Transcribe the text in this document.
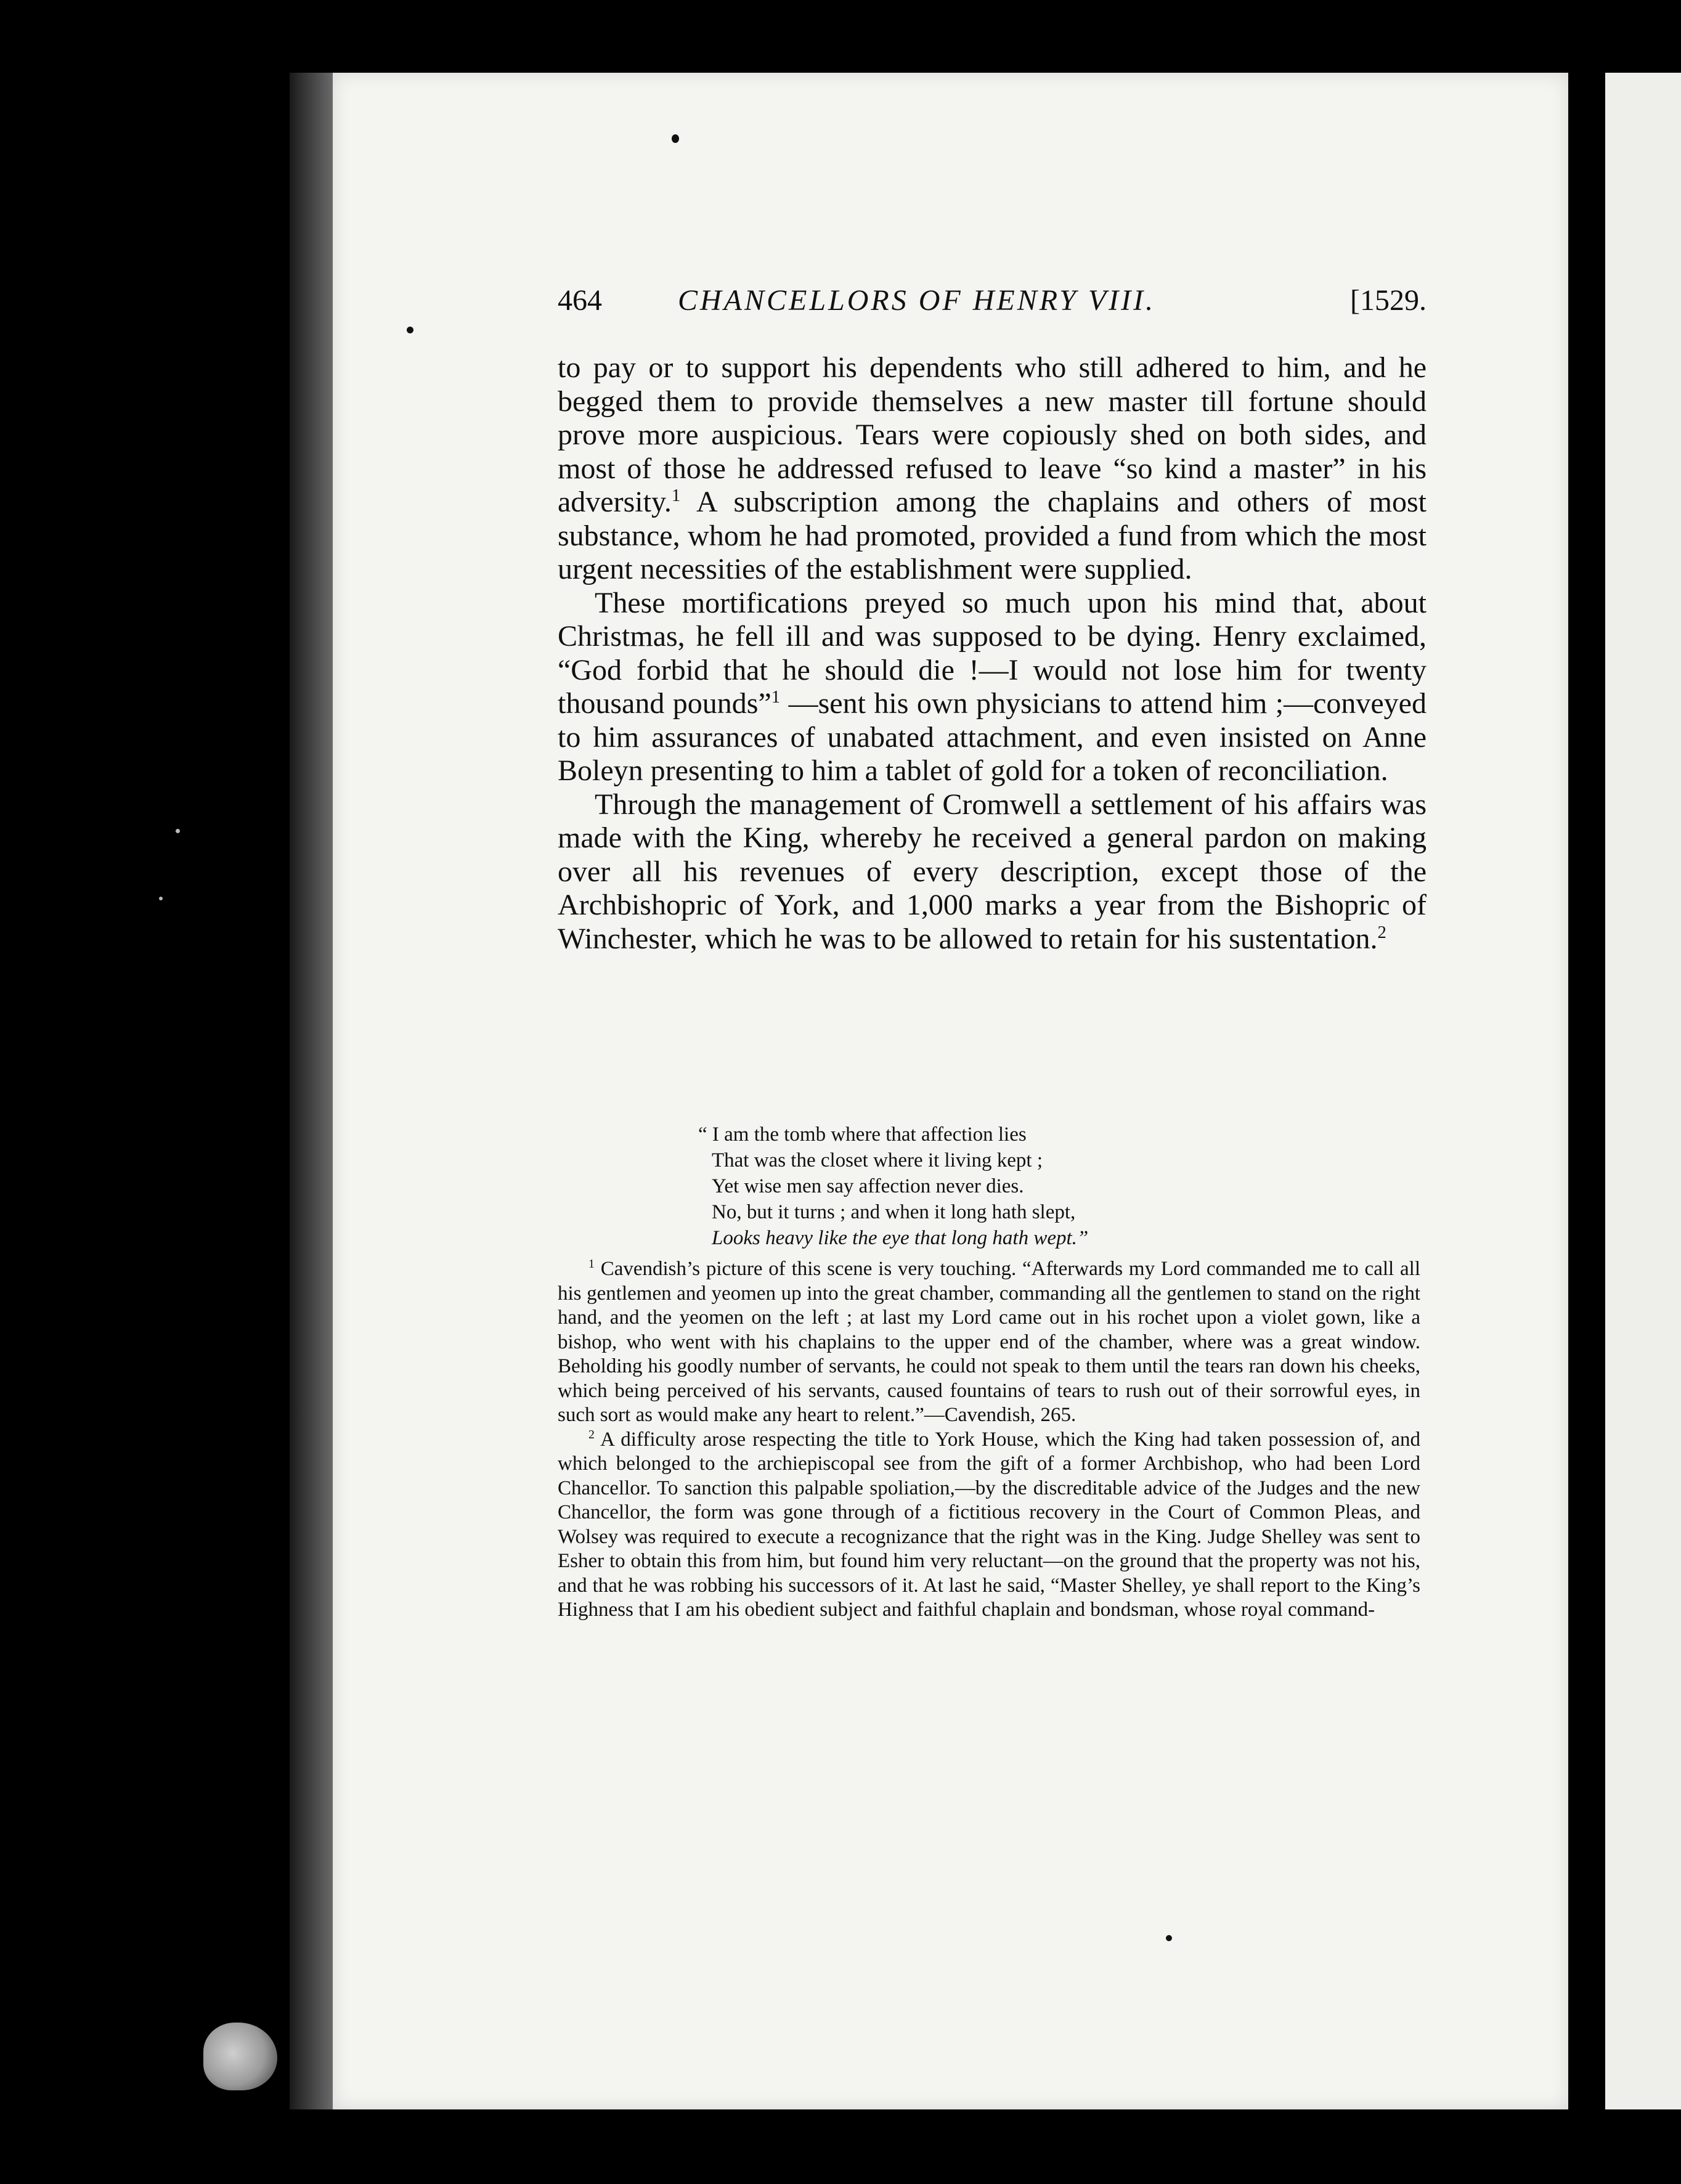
464	CHANCELLORS OF HENRY VIII.	[1529.

to pay or to support his dependents who still adhered to him, and he begged them to provide themselves a new master till fortune should prove more auspicious. Tears were copiously shed on both sides, and most of those he addressed refused to leave “so kind a master” in his adversity.$^1$ A subscription among the chaplains and others of most substance, whom he had promoted, provided a fund from which the most urgent necessities of the establishment were supplied.

These mortifications preyed so much upon his mind that, about Christmas, he fell ill and was supposed to be dying. Henry exclaimed, “God forbid that he should die !—I would not lose him for twenty thousand pounds”$^1$ —sent his own physicians to attend him ;—conveyed to him assurances of unabated attachment, and even insisted on Anne Boleyn presenting to him a tablet of gold for a token of reconciliation.

Through the management of Cromwell a settlement of his affairs was made with the King, whereby he received a general pardon on making over all his revenues of every description, except those of the Archbishopric of York, and 1,000 marks a year from the Bishopric of Winchester, which he was to be allowed to retain for his sustentation.$^2$

“ I am the tomb where that affection lies
That was the closet where it living kept ;
Yet wise men say affection never dies.
No, but it turns ; and when it long hath slept,
Looks heavy like the eye that long hath wept.”

$^1$ Cavendish’s picture of this scene is very touching. “Afterwards my Lord commanded me to call all his gentlemen and yeomen up into the great chamber, commanding all the gentlemen to stand on the right hand, and the yeomen on the left ; at last my Lord came out in his rochet upon a violet gown, like a bishop, who went with his chaplains to the upper end of the chamber, where was a great window. Beholding his goodly number of servants, he could not speak to them until the tears ran down his cheeks, which being perceived of his servants, caused fountains of tears to rush out of their sorrowful eyes, in such sort as would make any heart to relent.”—Cavendish, 265.

$^2$ A difficulty arose respecting the title to York House, which the King had taken possession of, and which belonged to the archiepiscopal see from the gift of a former Archbishop, who had been Lord Chancellor. To sanction this palpable spoliation,—by the discreditable advice of the Judges and the new Chancellor, the form was gone through of a fictitious recovery in the Court of Common Pleas, and Wolsey was required to execute a recognizance that the right was in the King. Judge Shelley was sent to Esher to obtain this from him, but found him very reluctant—on the ground that the property was not his, and that he was robbing his successors of it. At last he said, “Master Shelley, ye shall report to the King’s Highness that I am his obedient subject and faithful chaplain and bondsman, whose royal command-
